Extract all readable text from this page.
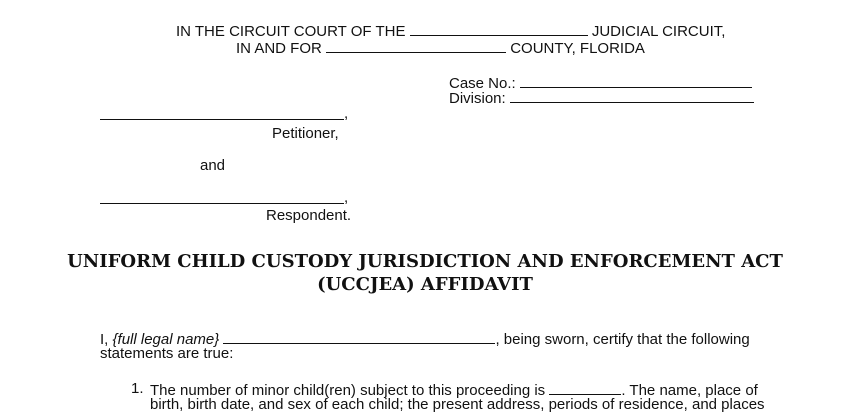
IN THE CIRCUIT COURT OF THE	JUDICIAL CIRCUIT,
IN AND FOR	COUNTY, FLORIDA
Case No.:
Division:
,
Petitioner,
and
,
Respondent.
UNIFORM CHILD CUSTODY JURISDICTION AND ENFORCEMENT ACT
(UCCJEA) AFFIDAVIT
I, {full legal name}	, being sworn, certify that the following
statements are true:
1. The number of minor child(ren) subject to this proceeding is	. The name, place of
birth, birth date, and sex of each child; the present address, periods of residence, and places
